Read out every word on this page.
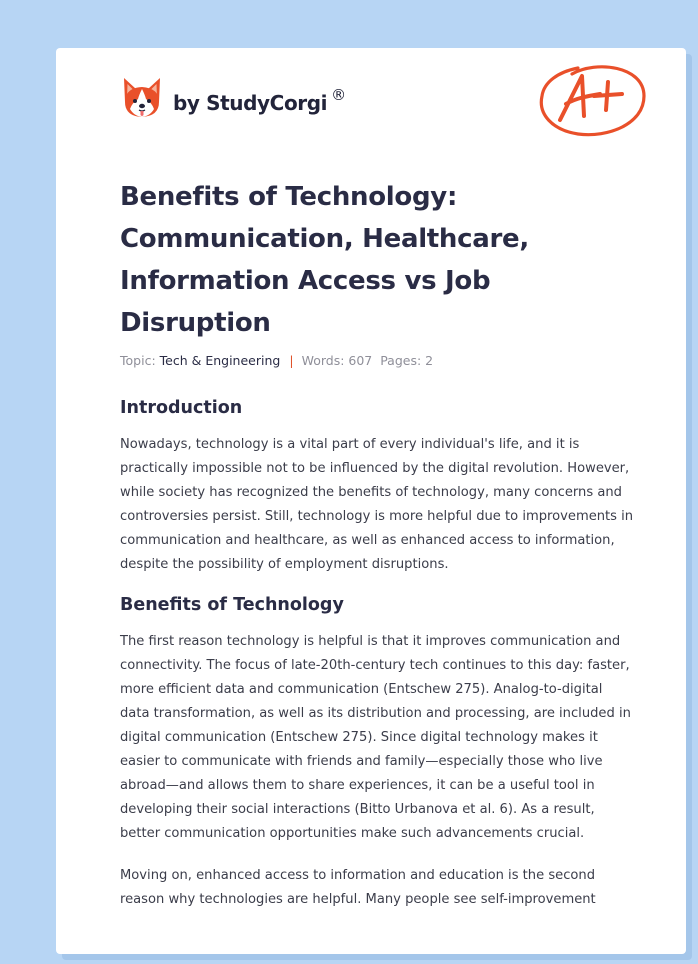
by StudyCorgi ®
Benefits of Technology: Communication, Healthcare, Information Access vs Job Disruption
Topic: Tech & Engineering | Words: 607 Pages: 2
Introduction

Nowadays, technology is a vital part of every individual's life, and it is practically impossible not to be influenced by the digital revolution. However, while society has recognized the benefits of technology, many concerns and controversies persist. Still, technology is more helpful due to improvements in communication and healthcare, as well as enhanced access to information, despite the possibility of employment disruptions.

Benefits of Technology

The first reason technology is helpful is that it improves communication and connectivity. The focus of late-20th-century tech continues to this day: faster, more efficient data and communication (Entschew 275). Analog-to-digital data transformation, as well as its distribution and processing, are included in digital communication (Entschew 275). Since digital technology makes it easier to communicate with friends and family—especially those who live abroad—and allows them to share experiences, it can be a useful tool in developing their social interactions (Bitto Urbanova et al. 6). As a result, better communication opportunities make such advancements crucial.

Moving on, enhanced access to information and education is the second reason why technologies are helpful. Many people see self-improvement
